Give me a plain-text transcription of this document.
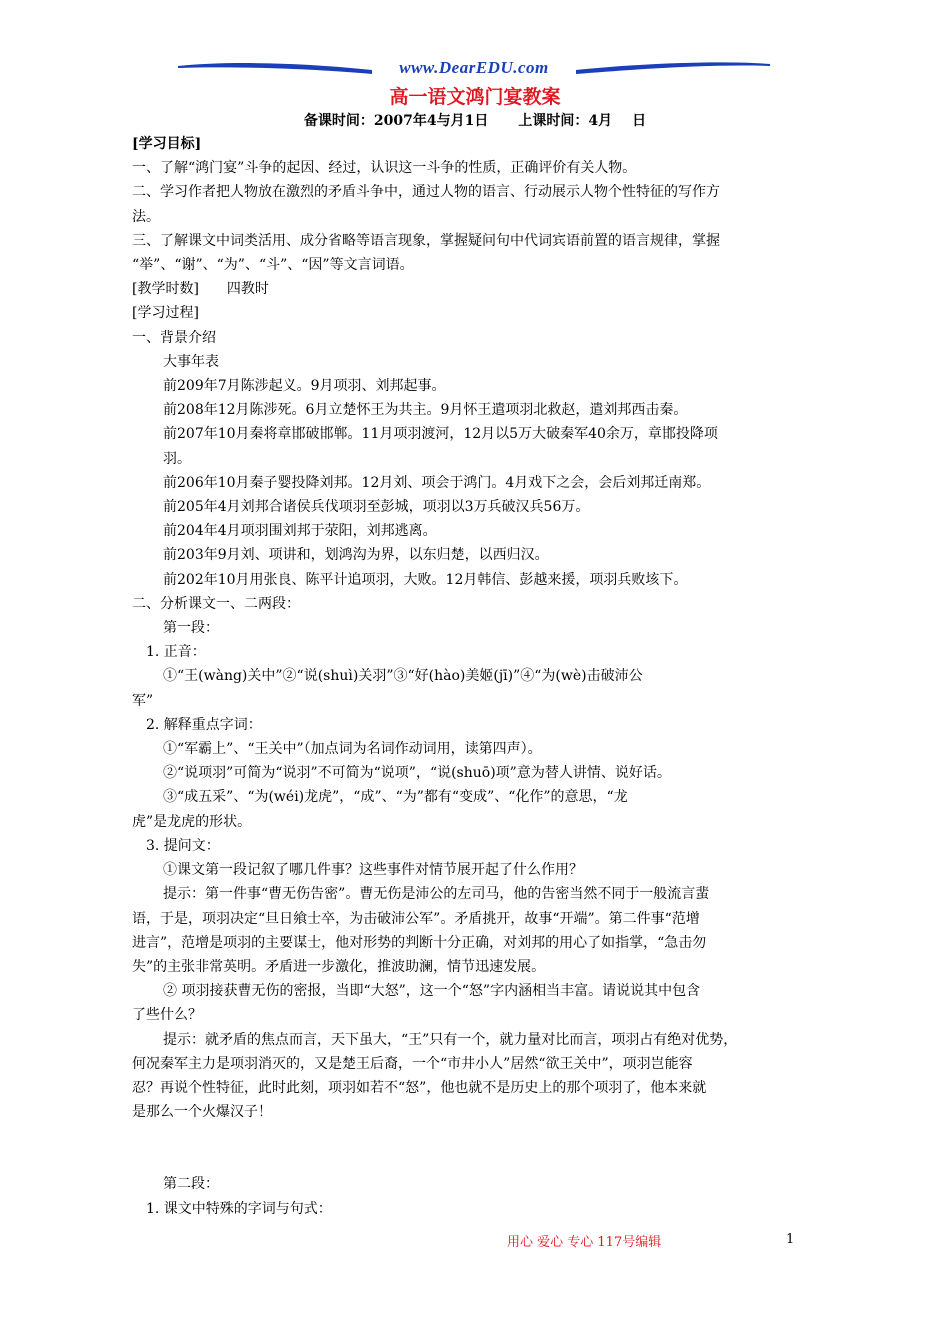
www.DearEDU.com
高一语文鸿门宴教案
备课时间：2007年4与月1日 上课时间：4月 日

[学习目标]

一、了解“鸿门宴”斗争的起因、经过，认识这一斗争的性质，正确评价有关人物。

二、学习作者把人物放在激烈的矛盾斗争中，通过人物的语言、行动展示人物个性特征的写作方

法。

三、了解课文中词类活用、成分省略等语言现象，掌握疑问句中代词宾语前置的语言规律，掌握

“举”、“谢”、“为”、“斗”、“因”等文言词语。

[教学时数]　　四教时

[学习过程]

一、背景介绍

大事年表

前209年7月陈涉起义。9月项羽、刘邦起事。

前208年12月陈涉死。6月立楚怀王为共主。9月怀王遣项羽北救赵，遣刘邦西击秦。

前207年10月秦将章邯破邯郸。11月项羽渡河，12月以5万大破秦军40余万，章邯投降项

羽。

前206年10月秦子婴投降刘邦。12月刘、项会于鸿门。4月戏下之会，会后刘邦迁南郑。

前205年4月刘邦合诸侯兵伐项羽至彭城，项羽以3万兵破汉兵56万。

前204年4月项羽围刘邦于荥阳，刘邦逃离。

前203年9月刘、项讲和，划鸿沟为界，以东归楚，以西归汉。

前202年10月用张良、陈平计追项羽，大败。12月韩信、彭越来援，项羽兵败垓下。

二、分析课文一、二两段：

第一段：

1. 正音：

①“王(wàng)关中”②“说(shuì)关羽”③“好(hào)美姬(jī)”④“为(wè)击破沛公

军”

2. 解释重点字词：

①“军霸上”、“王关中”（加点词为名词作动词用，读第四声）。

②“说项羽”可简为“说羽”不可简为“说项”，“说(shuō)项”意为替人讲情、说好话。

③“成五采”、“为(wéi)龙虎”，“成”、“为”都有“变成”、“化作”的意思，“龙

虎”是龙虎的形状。

3. 提问文：

①课文第一段记叙了哪几件事？这些事件对情节展开起了什么作用？

提示：第一件事“曹无伤告密”。曹无伤是沛公的左司马，他的告密当然不同于一般流言蜚

语，于是，项羽决定“旦日飨士卒，为击破沛公军”。矛盾挑开，故事“开端”。第二件事“范增

进言”，范增是项羽的主要谋士，他对形势的判断十分正确，对刘邦的用心了如指掌，“急击勿

失”的主张非常英明。矛盾进一步激化，推波助澜，情节迅速发展。

② 项羽接获曹无伤的密报，当即“大怒”，这一个“怒”字内涵相当丰富。请说说其中包含

了些什么？

提示：就矛盾的焦点而言，天下虽大，“王”只有一个，就力量对比而言，项羽占有绝对优势，

何况秦军主力是项羽消灭的，又是楚王后裔，一个“市井小人”居然“欲王关中”，项羽岂能容

忍？再说个性特征，此时此刻，项羽如若不“怒”，他也就不是历史上的那个项羽了，他本来就

是那么一个火爆汉子！

第二段：

1. 课文中特殊的字词与句式：

用心 爱心 专心 117号编辑	1
